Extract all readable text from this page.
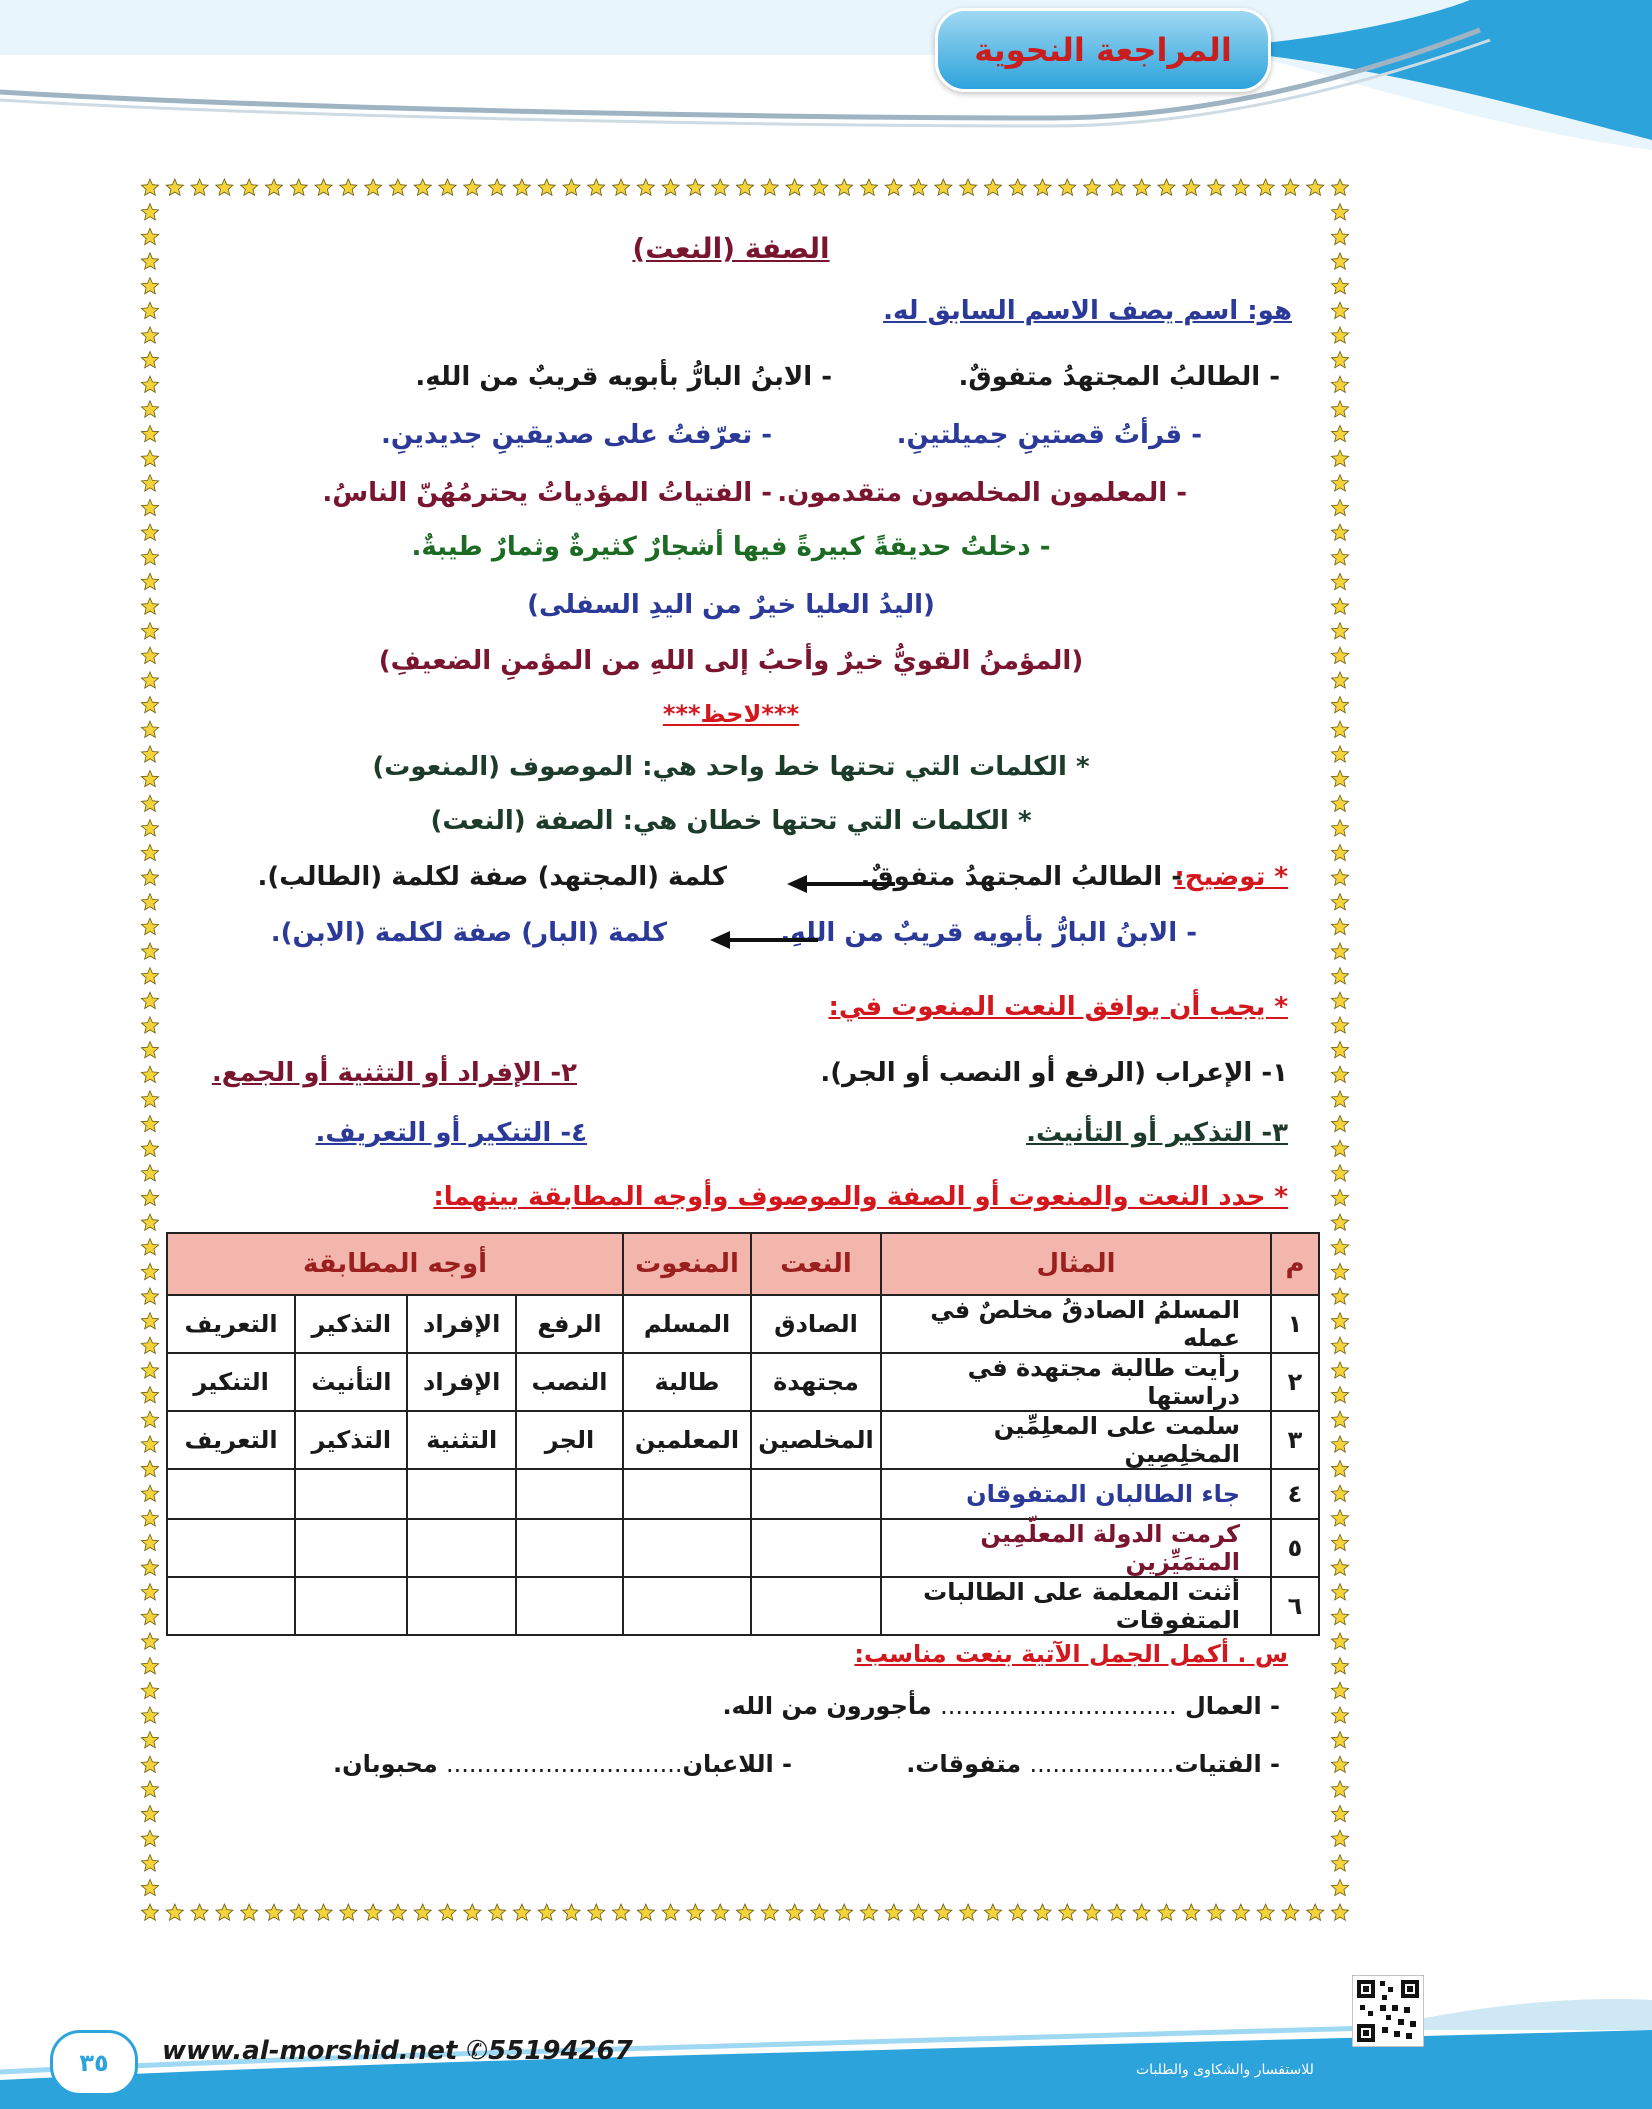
المراجعة النحوية
الصفة (النعت)
هو: اسم يصف الاسم السابق له.
- الطالبُ المجتهدُ متفوقٌ.
- الابنُ البارُّ بأبويه قريبٌ من اللهِ.
- قرأتُ قصتينِ جميلتينِ.
- تعرّفتُ على صديقينِ جديدينِ.
- المعلمون المخلصون متقدمون.
- الفتياتُ المؤدياتُ يحترمُهُنّ الناسُ.
- دخلتُ حديقةً كبيرةً فيها أشجارٌ كثيرةٌ وثمارٌ طيبةٌ.
(اليدُ العليا خيرٌ من اليدِ السفلى)
(المؤمنُ القويُّ خيرٌ وأحبُ إلى اللهِ من المؤمنِ الضعيفِ)
***لاحظ***
* الكلمات التي تحتها خط واحد هي: الموصوف (المنعوت)
* الكلمات التي تحتها خطان هي: الصفة (النعت)
* توضيح:
- الطالبُ المجتهدُ متفوقٌ.
كلمة (المجتهد) صفة لكلمة (الطالب).
- الابنُ البارُّ بأبويه قريبٌ من اللهِ.
كلمة (البار) صفة لكلمة (الابن).
* يجب أن يوافق النعت المنعوت في:
١- الإعراب (الرفع أو النصب أو الجر).
٢- الإفراد أو التثنية أو الجمع.
٣- التذكير أو التأنيث.
٤- التنكير أو التعريف.
* حدد النعت والمنعوت أو الصفة والموصوف وأوجه المطابقة بينهما:
م	المثال	النعت	المنعوت	أوجه المطابقة			
١	المسلمُ الصادقُ مخلصٌ في عمله	الصادق	المسلم	الرفع	الإفراد	التذكير	التعريف
٢	رأيت طالبة مجتهدة في دراستها	مجتهدة	طالبة	النصب	الإفراد	التأنيث	التنكير
٣	سلمت على المعلِمِّين المخلِصِين	المخلصين	المعلمين	الجر	التثنية	التذكير	التعريف
٤	جاء الطالبان المتفوقان						
٥	كرمت الدولة المعلّمِين المتمَيِّزين						
٦	أثنت المعلمة على الطالبات المتفوقات						
س . أكمل الجمل الآتية بنعت مناسب:
- العمال ............................... مأجورون من الله.
- الفتيات................... متفوقات.
- اللاعبان............................... محبوبان.
٣٥ www.al-morshid.net ✆55194267
للاستفسار والشكاوى والطلبات
